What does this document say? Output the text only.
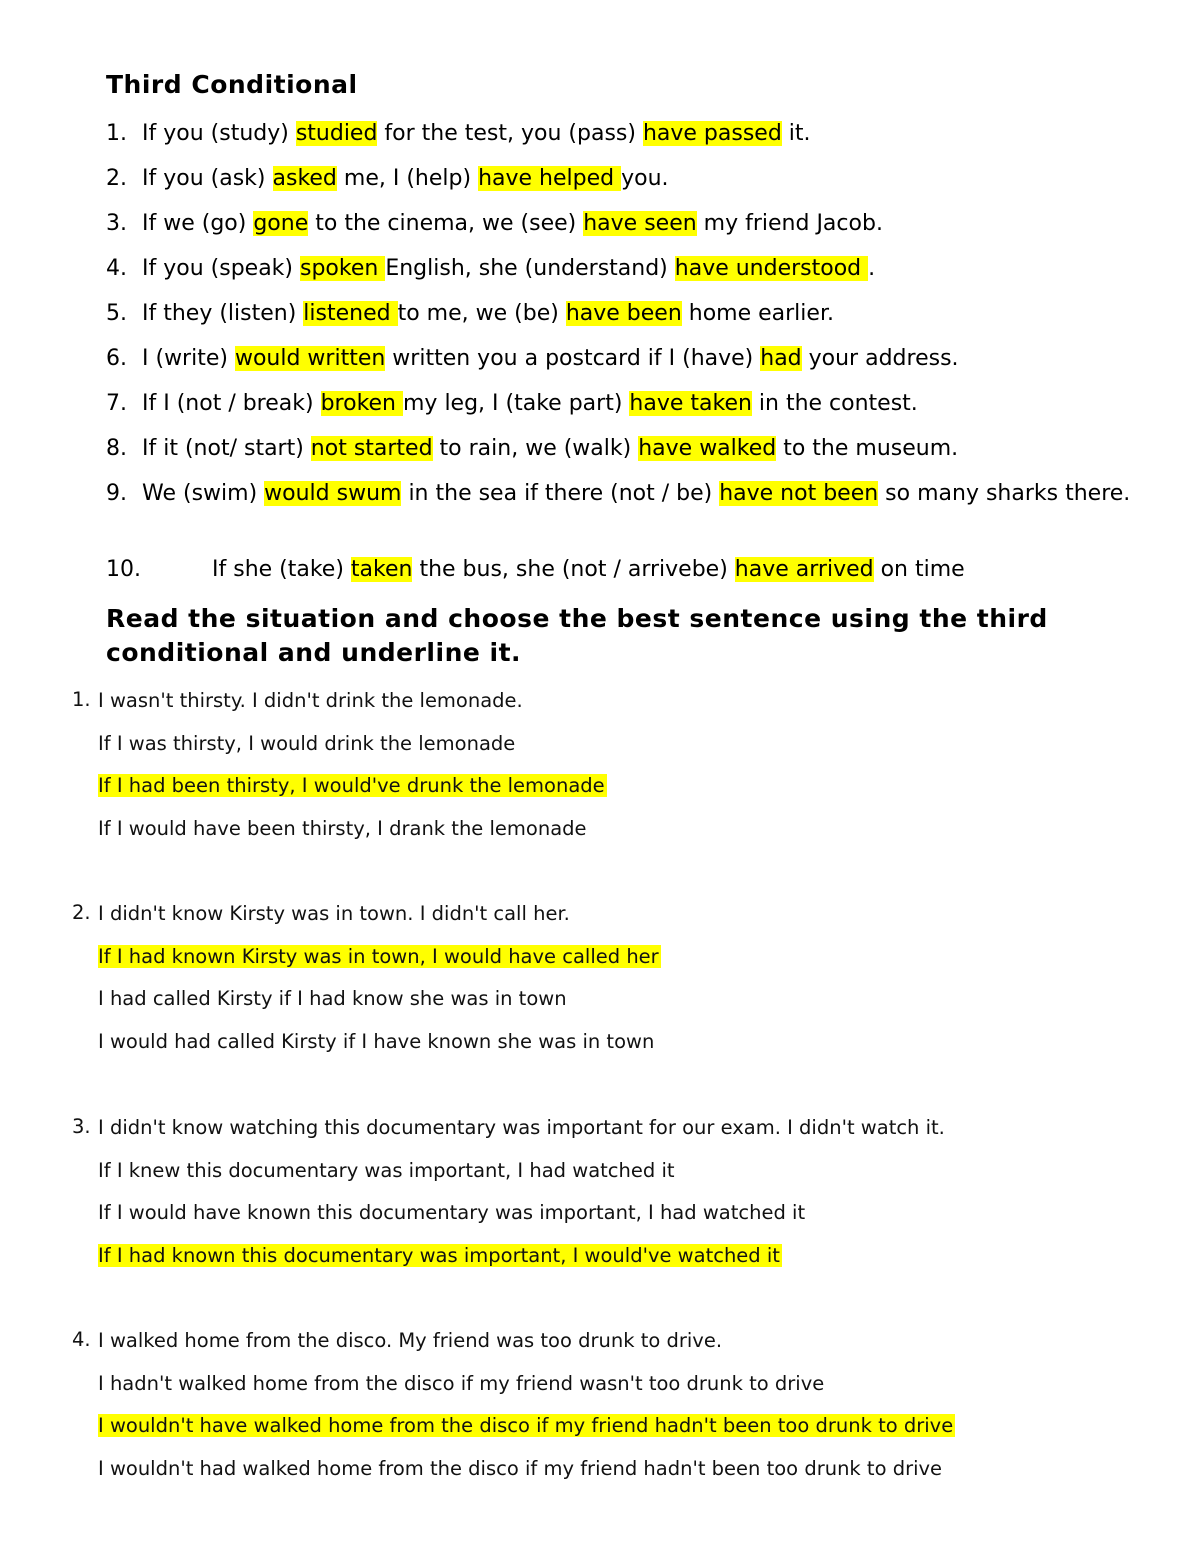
Third Conditional
1. If you (study) studied for the test, you (pass) have passed it.
2. If you (ask) asked me, I (help) have helped you.
3. If we (go) gone to the cinema, we (see) have seen my friend Jacob.
4. If you (speak) spoken English, she (understand) have understood .
5. If they (listen) listened to me, we (be) have been home earlier.
6. I (write) would written written you a postcard if I (have) had your address.
7. If I (not / break) broken my leg, I (take part) have taken in the contest.
8. If it (not/ start) not started to rain, we (walk) have walked to the museum.
9. We (swim) would swum in the sea if there (not / be) have not been so many sharks there.
10.	If she (take) taken the bus, she (not / arrivebe) have arrived on time
Read the situation and choose the best sentence using the third conditional and underline it.
1. I wasn't thirsty. I didn't drink the lemonade.
If I was thirsty, I would drink the lemonade
If I had been thirsty, I would've drunk the lemonade
If I would have been thirsty, I drank the lemonade
2. I didn't know Kirsty was in town. I didn't call her.
If I had known Kirsty was in town, I would have called her
I had called Kirsty if I had know she was in town
I would had called Kirsty if I have known she was in town
3. I didn't know watching this documentary was important for our exam. I didn't watch it.
If I knew this documentary was important, I had watched it
If I would have known this documentary was important, I had watched it
If I had known this documentary was important, I would've watched it
4. I walked home from the disco. My friend was too drunk to drive.
I hadn't walked home from the disco if my friend wasn't too drunk to drive
I wouldn't have walked home from the disco if my friend hadn't been too drunk to drive
I wouldn't had walked home from the disco if my friend hadn't been too drunk to drive
